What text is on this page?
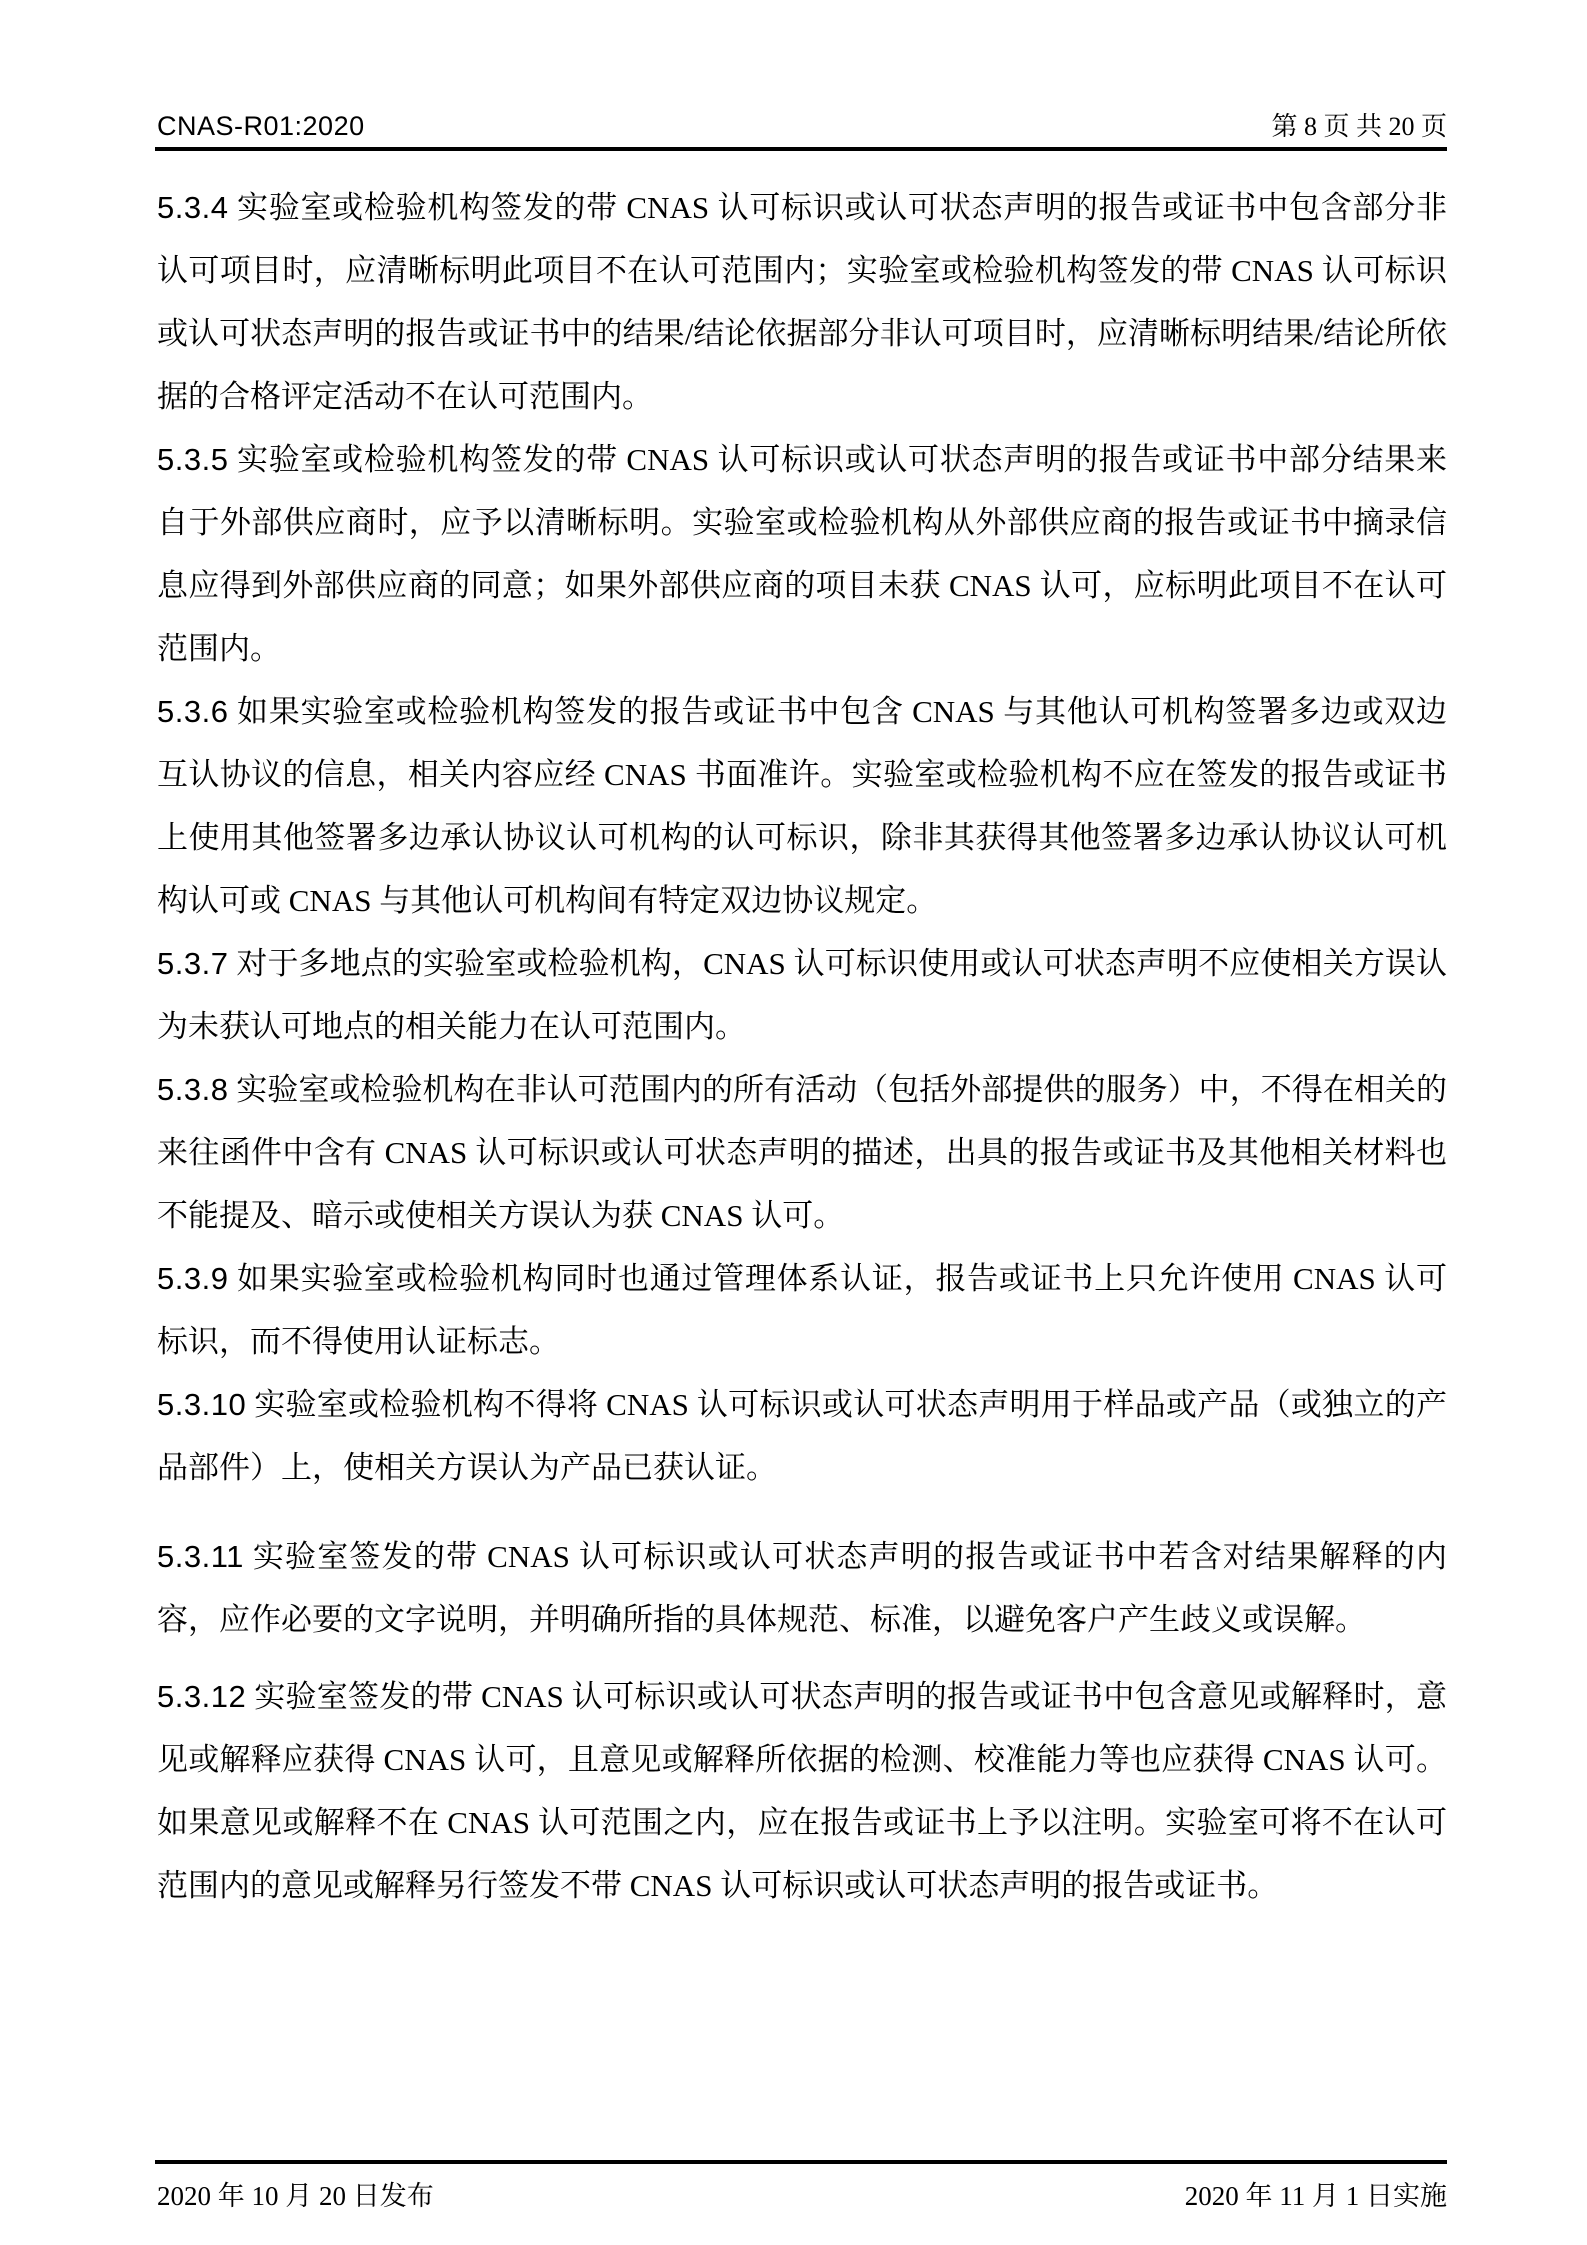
CNAS-R01:2020	第 8 页 共 20 页

5.3.4 实验室或检验机构签发的带 CNAS 认可标识或认可状态声明的报告或证书中包含部分非认可项目时，应清晰标明此项目不在认可范围内；实验室或检验机构签发的带 CNAS 认可标识或认可状态声明的报告或证书中的结果/结论依据部分非认可项目时，应清晰标明结果/结论所依据的合格评定活动不在认可范围内。

5.3.5 实验室或检验机构签发的带 CNAS 认可标识或认可状态声明的报告或证书中部分结果来自于外部供应商时，应予以清晰标明。实验室或检验机构从外部供应商的报告或证书中摘录信息应得到外部供应商的同意；如果外部供应商的项目未获 CNAS 认可，应标明此项目不在认可范围内。

5.3.6 如果实验室或检验机构签发的报告或证书中包含 CNAS 与其他认可机构签署多边或双边互认协议的信息，相关内容应经 CNAS 书面准许。实验室或检验机构不应在签发的报告或证书上使用其他签署多边承认协议认可机构的认可标识，除非其获得其他签署多边承认协议认可机构认可或 CNAS 与其他认可机构间有特定双边协议规定。

5.3.7 对于多地点的实验室或检验机构，CNAS 认可标识使用或认可状态声明不应使相关方误认为未获认可地点的相关能力在认可范围内。

5.3.8 实验室或检验机构在非认可范围内的所有活动（包括外部提供的服务）中，不得在相关的来往函件中含有 CNAS 认可标识或认可状态声明的描述，出具的报告或证书及其他相关材料也不能提及、暗示或使相关方误认为获 CNAS 认可。

5.3.9 如果实验室或检验机构同时也通过管理体系认证，报告或证书上只允许使用 CNAS 认可标识，而不得使用认证标志。

5.3.10 实验室或检验机构不得将 CNAS 认可标识或认可状态声明用于样品或产品（或独立的产品部件）上，使相关方误认为产品已获认证。

5.3.11 实验室签发的带 CNAS 认可标识或认可状态声明的报告或证书中若含对结果解释的内容，应作必要的文字说明，并明确所指的具体规范、标准，以避免客户产生歧义或误解。

5.3.12 实验室签发的带 CNAS 认可标识或认可状态声明的报告或证书中包含意见或解释时，意见或解释应获得 CNAS 认可，且意见或解释所依据的检测、校准能力等也应获得 CNAS 认可。如果意见或解释不在 CNAS 认可范围之内，应在报告或证书上予以注明。实验室可将不在认可范围内的意见或解释另行签发不带 CNAS 认可标识或认可状态声明的报告或证书。

2020 年 10 月 20 日发布	2020 年 11 月 1 日实施
